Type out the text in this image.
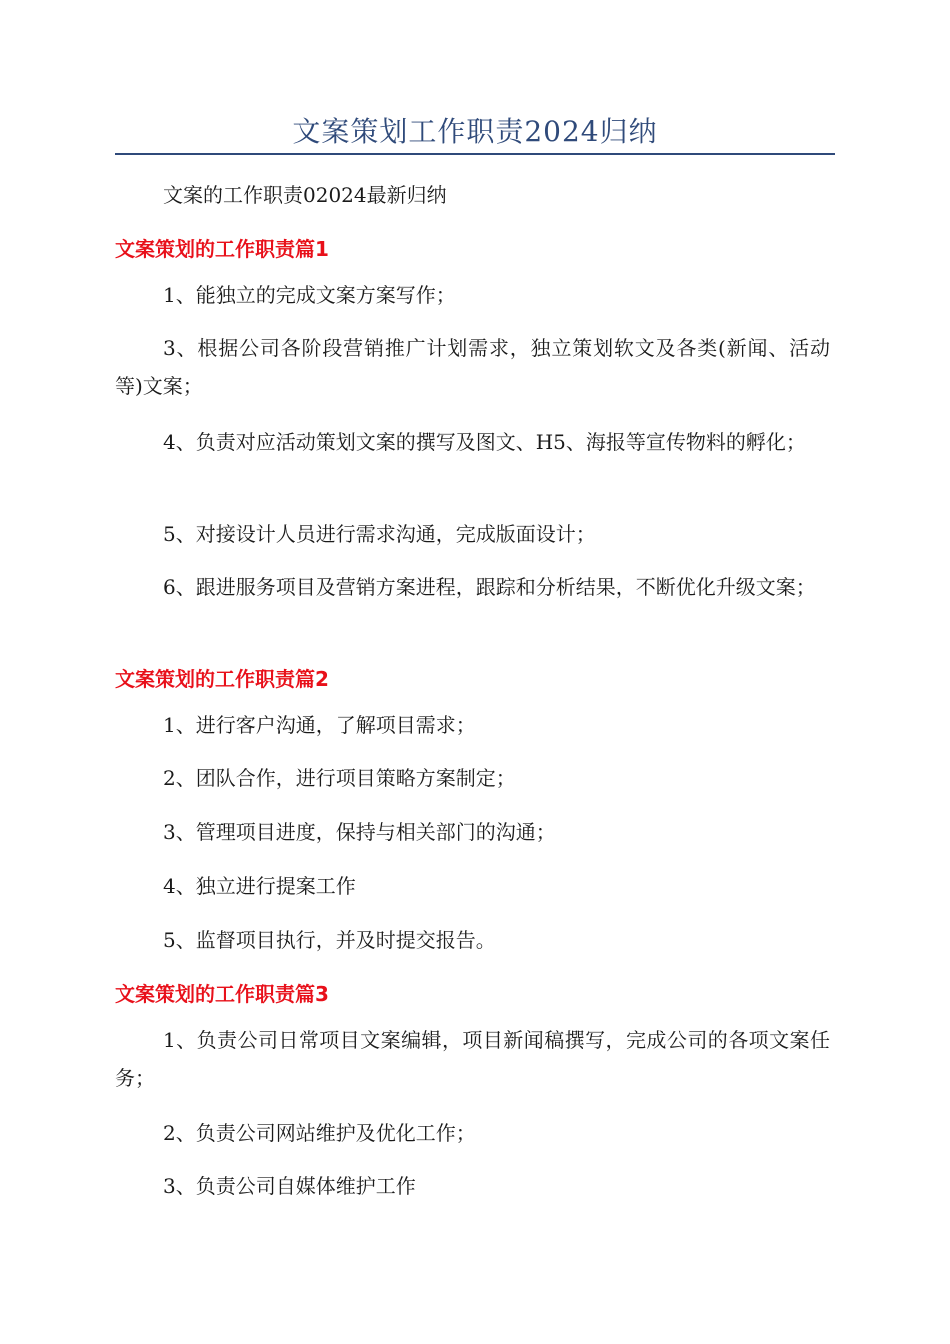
文案策划工作职责2024归纳

文案的工作职责02024最新归纳

文案策划的工作职责篇1

1、能独立的完成文案方案写作；

3、根据公司各阶段营销推广计划需求，独立策划软文及各类(新闻、活动等)文案；

4、负责对应活动策划文案的撰写及图文、H5、海报等宣传物料的孵化；

5、对接设计人员进行需求沟通，完成版面设计；

6、跟进服务项目及营销方案进程，跟踪和分析结果，不断优化升级文案；

文案策划的工作职责篇2

1、进行客户沟通，了解项目需求；

2、团队合作，进行项目策略方案制定；

3、管理项目进度，保持与相关部门的沟通；

4、独立进行提案工作

5、监督项目执行，并及时提交报告。

文案策划的工作职责篇3

1、负责公司日常项目文案编辑，项目新闻稿撰写，完成公司的各项文案任务；

2、负责公司网站维护及优化工作；

3、负责公司自媒体维护工作
